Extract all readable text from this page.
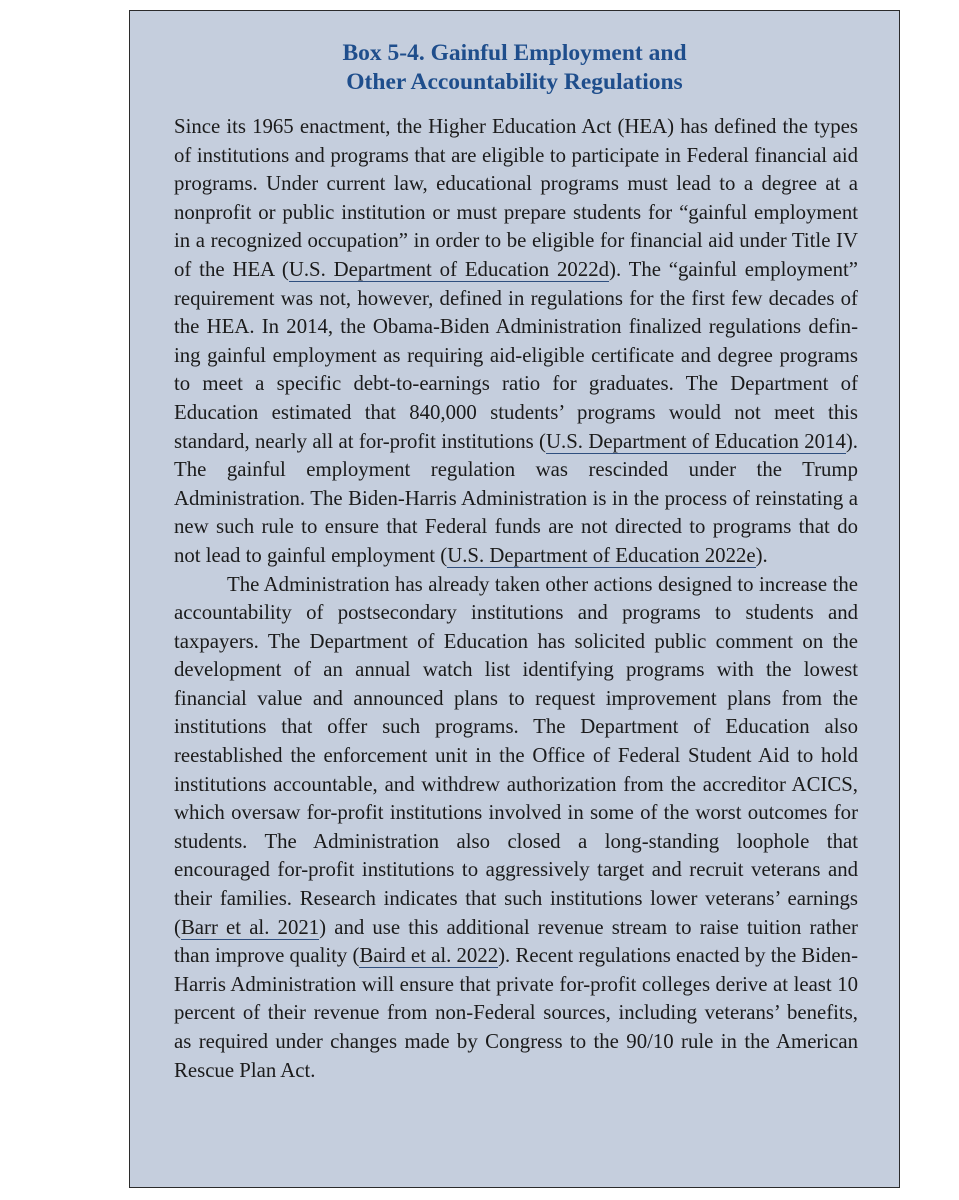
Box 5-4. Gainful Employment and
Other Accountability Regulations

Since its 1965 enactment, the Higher Education Act (HEA) has defined the types of institutions and programs that are eligible to participate in Federal financial aid programs. Under current law, educational programs must lead to a degree at a nonprofit or public institution or must prepare students for “gainful employment in a recognized occupation” in order to be eligible for financial aid under Title IV of the HEA (U.S. Department of Education 2022d). The “gainful employment” requirement was not, however, defined in regulations for the first few decades of the HEA. In 2014, the Obama-Biden Administration finalized regulations defining gainful employment as requiring aid-eligible certificate and degree programs to meet a specific debt-to-earnings ratio for graduates. The Department of Education estimated that 840,000 students’ programs would not meet this standard, nearly all at for-profit institutions (U.S. Department of Education 2014). The gainful employment regulation was rescinded under the Trump Administration. The Biden-Harris Administration is in the process of reinstating a new such rule to ensure that Federal funds are not directed to programs that do not lead to gainful employment (U.S. Department of Education 2022e).

The Administration has already taken other actions designed to increase the accountability of postsecondary institutions and programs to students and taxpayers. The Department of Education has solicited public comment on the development of an annual watch list identifying programs with the lowest financial value and announced plans to request improvement plans from the institutions that offer such programs. The Department of Education also reestablished the enforcement unit in the Office of Federal Student Aid to hold institutions accountable, and withdrew authorization from the accreditor ACICS, which oversaw for-profit institutions involved in some of the worst outcomes for students. The Administration also closed a long-standing loophole that encouraged for-profit institutions to aggressively target and recruit veterans and their families. Research indicates that such institutions lower veterans’ earnings (Barr et al. 2021) and use this additional revenue stream to raise tuition rather than improve quality (Baird et al. 2022). Recent regulations enacted by the Biden-Harris Administration will ensure that private for-profit colleges derive at least 10 percent of their revenue from non-Federal sources, including veterans’ benefits, as required under changes made by Congress to the 90/10 rule in the American Rescue Plan Act.
